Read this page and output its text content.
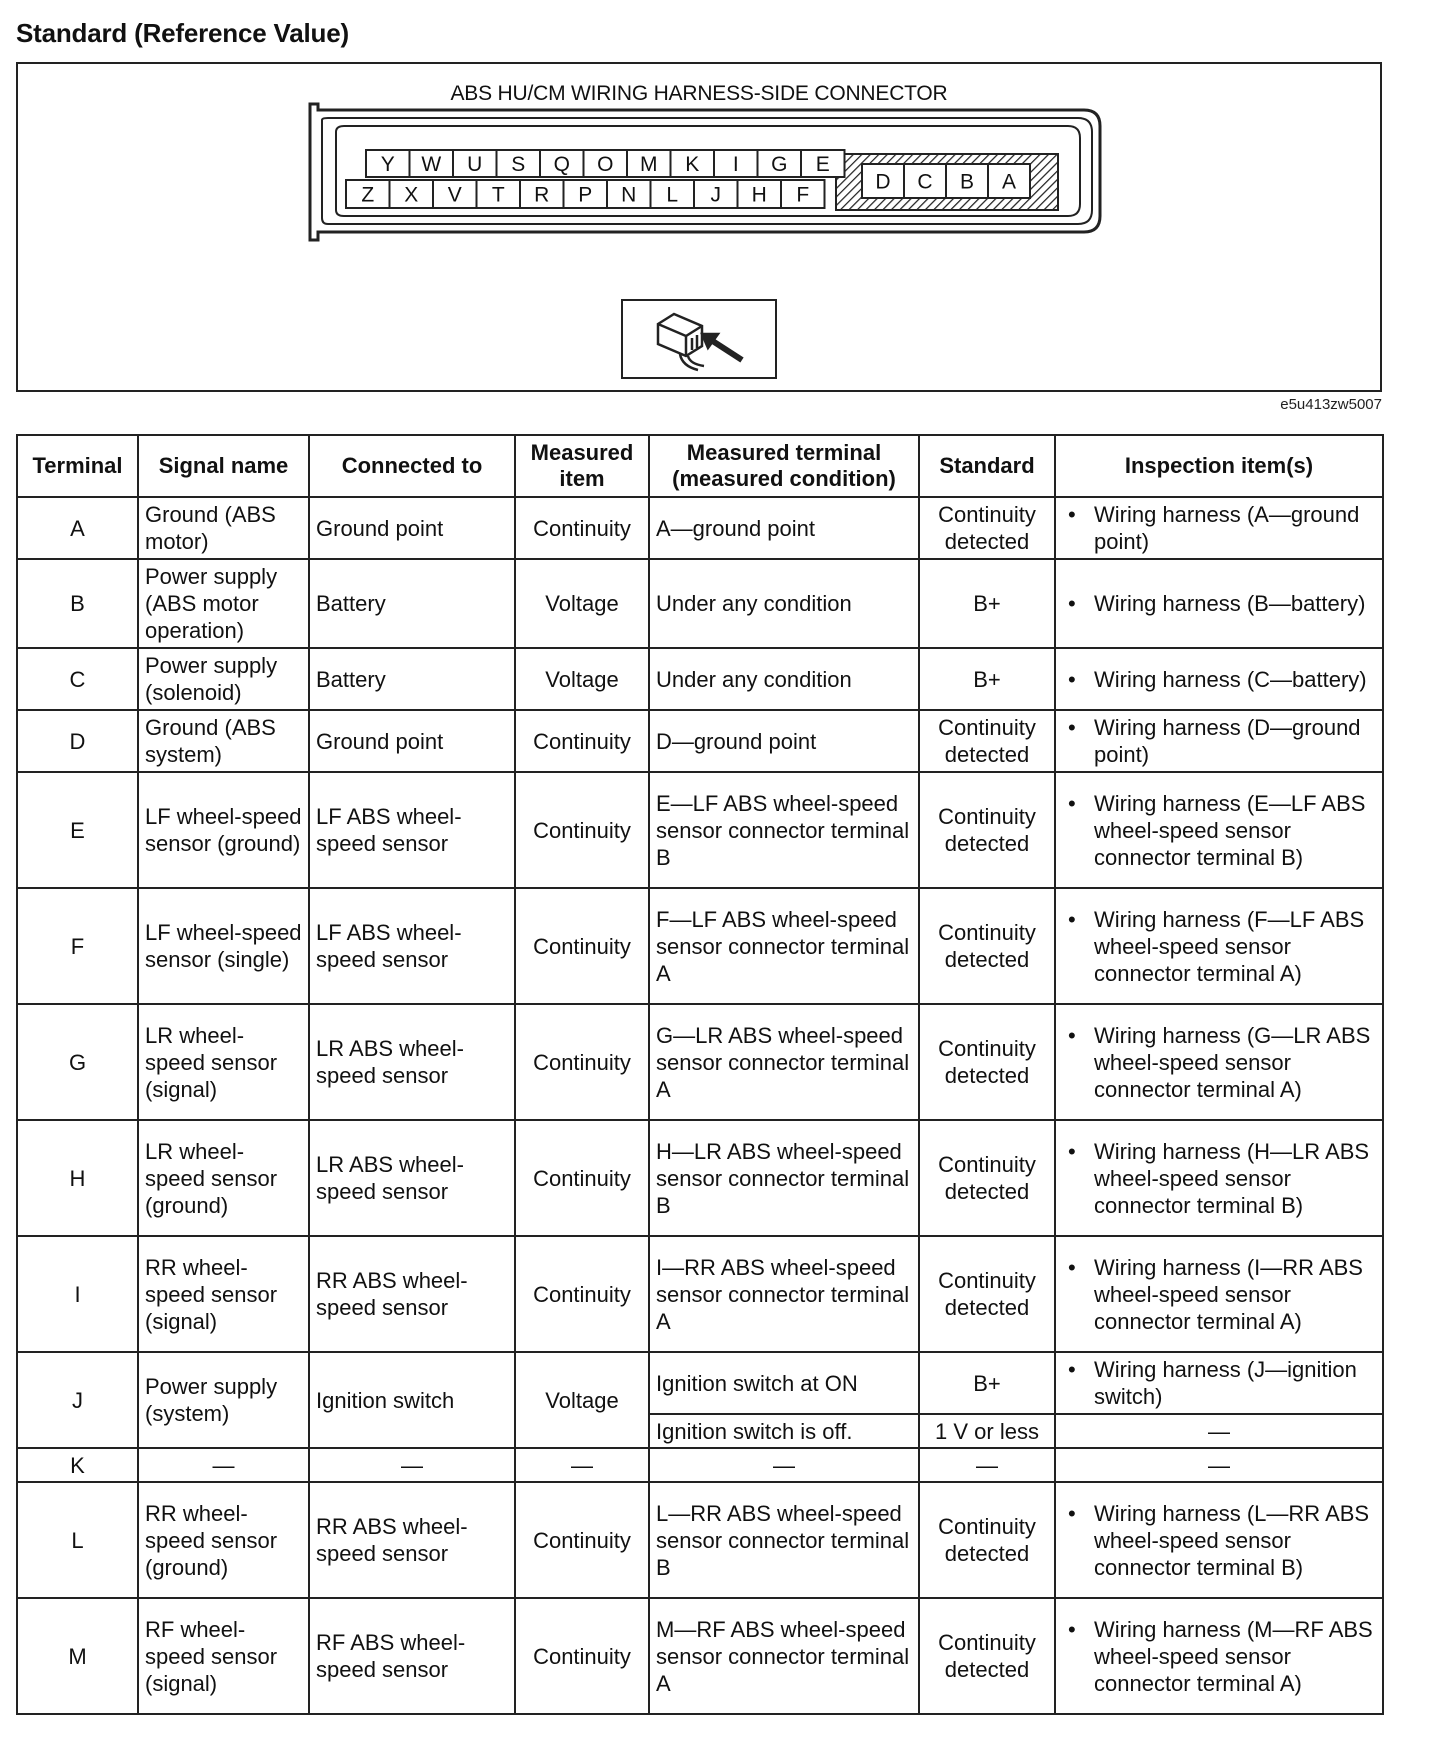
Standard (Reference Value)
ABS HU/CM WIRING HARNESS-SIDE CONNECTOR
Y W U S Q O M K I G E
Z X V T R P N L J H F
D C B A
e5u413zw5007
Terminal	Signal name	Connected to	Measured item	Measured terminal (measured condition)	Standard	Inspection item(s)
A	Ground (ABS motor)	Ground point	Continuity	A—ground point	Continuity detected	• Wiring harness (A—ground point)

B	Power supply (ABS motor operation)	Battery	Voltage	Under any condition	B+	• Wiring harness (B—battery)

C	Power supply (solenoid)	Battery	Voltage	Under any condition	B+	• Wiring harness (C—battery)

D	Ground (ABS system)	Ground point	Continuity	D—ground point	Continuity detected	• Wiring harness (D—ground point)

E	LF wheel-speed sensor (ground)	LF ABS wheel-speed sensor	Continuity	E—LF ABS wheel-speed sensor connector terminal B	Continuity detected	• Wiring harness (E—LF ABS wheel-speed sensor connector terminal B)

F	LF wheel-speed sensor (single)	LF ABS wheel-speed sensor	Continuity	F—LF ABS wheel-speed sensor connector terminal A	Continuity detected	• Wiring harness (F—LF ABS wheel-speed sensor connector terminal A)

G	LR wheel-speed sensor (signal)	LR ABS wheel-speed sensor	Continuity	G—LR ABS wheel-speed sensor connector terminal A	Continuity detected	• Wiring harness (G—LR ABS wheel-speed sensor connector terminal A)

H	LR wheel-speed sensor (ground)	LR ABS wheel-speed sensor	Continuity	H—LR ABS wheel-speed sensor connector terminal B	Continuity detected	• Wiring harness (H—LR ABS wheel-speed sensor connector terminal B)

I	RR wheel-speed sensor (signal)	RR ABS wheel-speed sensor	Continuity	I—RR ABS wheel-speed sensor connector terminal A	Continuity detected	• Wiring harness (I—RR ABS wheel-speed sensor connector terminal A)

J	Power supply (system)	Ignition switch	Voltage	Ignition switch at ON	B+	• Wiring harness (J—ignition switch)

				Ignition switch is off.	1 V or less	—
K	—	—	—	—	—	—
L	RR wheel-speed sensor (ground)	RR ABS wheel-speed sensor	Continuity	L—RR ABS wheel-speed sensor connector terminal B	Continuity detected	• Wiring harness (L—RR ABS wheel-speed sensor connector terminal B)

M	RF wheel-speed sensor (signal)	RF ABS wheel-speed sensor	Continuity	M—RF ABS wheel-speed sensor connector terminal A	Continuity detected	• Wiring harness (M—RF ABS wheel-speed sensor connector terminal A)
